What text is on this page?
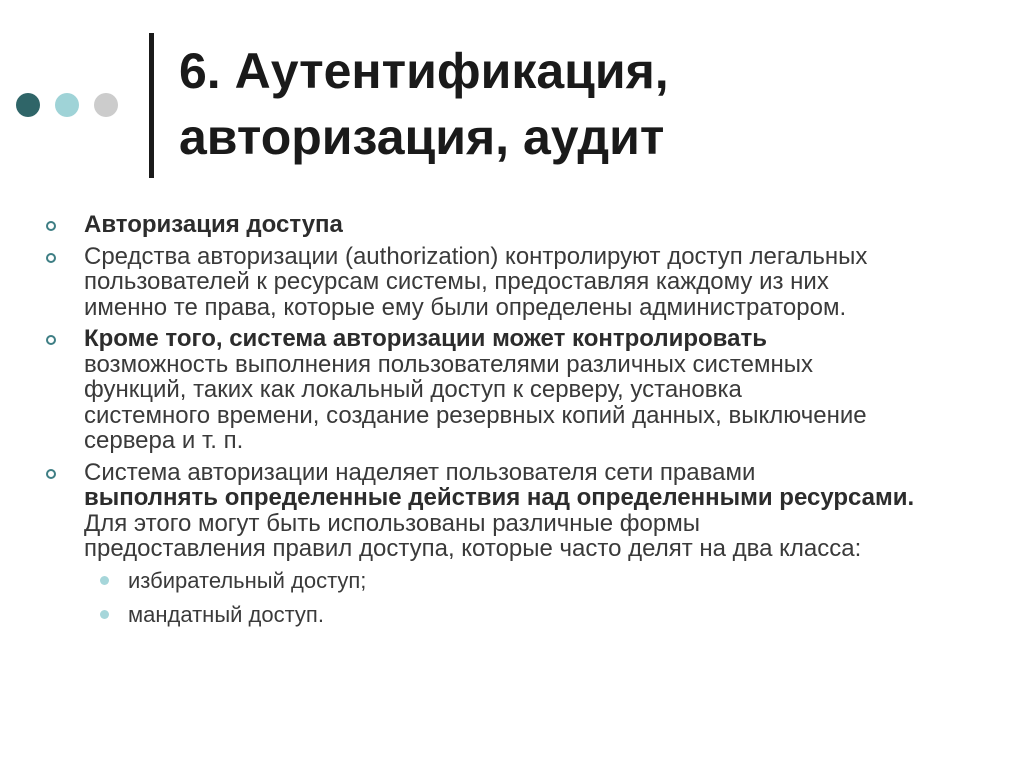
6. Аутентификация,
авторизация, аудит
Авторизация доступа
Средства авторизации (authorization) контролируют доступ легальных
пользователей к ресурсам системы, предоставляя каждому из них
именно те права, которые ему были определены администратором.
Кроме того, система авторизации может контролировать
возможность выполнения пользователями различных системных
функций, таких как локальный доступ к серверу, установка
системного времени, создание резервных копий данных, выключение
сервера и т. п.
Система авторизации наделяет пользователя сети правами
выполнять определенные действия над определенными ресурсами.
Для этого могут быть использованы различные формы
предоставления правил доступа, которые часто делят на два класса:
избирательный доступ;
мандатный доступ.
